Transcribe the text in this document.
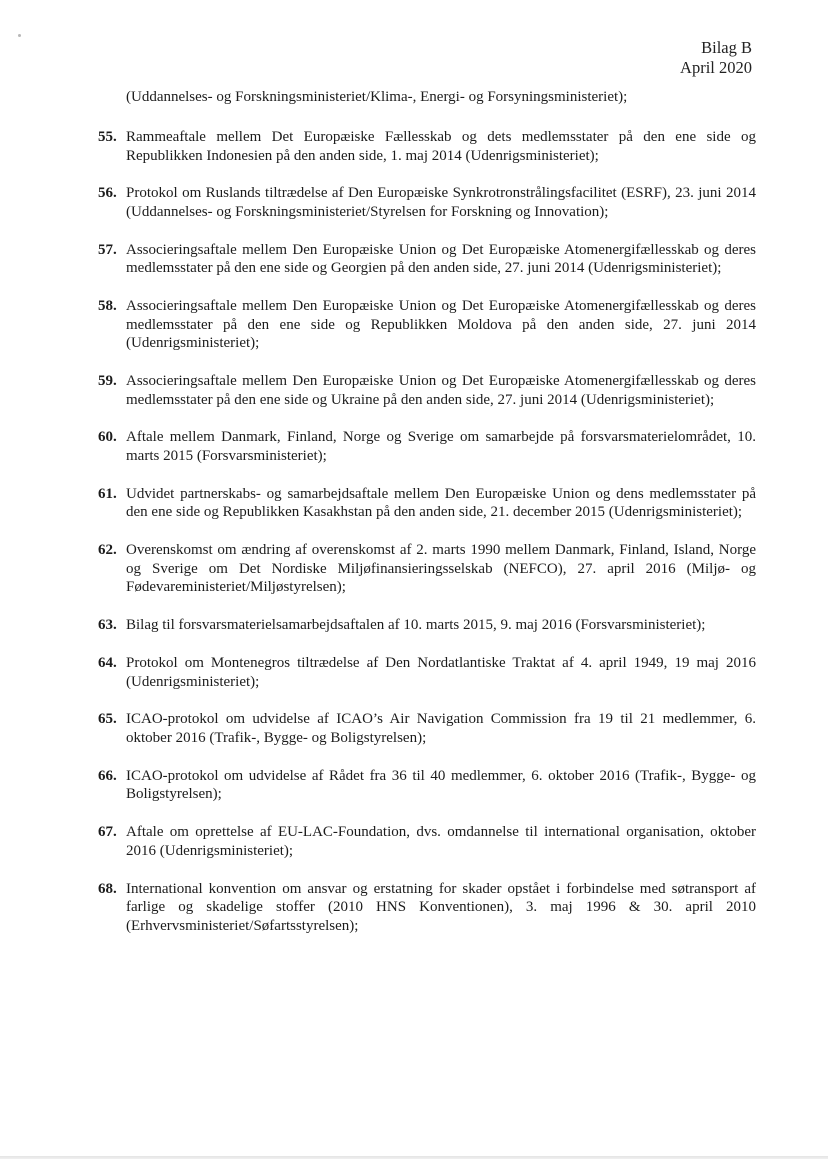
Bilag B
April 2020
(Uddannelses- og Forskningsministeriet/Klima-, Energi- og Forsyningsministeriet);
55. Rammeaftale mellem Det Europæiske Fællesskab og dets medlemsstater på den ene side og Republikken Indonesien på den anden side, 1. maj 2014 (Udenrigsministeriet);
56. Protokol om Ruslands tiltrædelse af Den Europæiske Synkrotronstrålingsfacilitet (ESRF), 23. juni 2014 (Uddannelses- og Forskningsministeriet/Styrelsen for Forskning og Innovation);
57. Associeringsaftale mellem Den Europæiske Union og Det Europæiske Atomenergifællesskab og deres medlemsstater på den ene side og Georgien på den anden side, 27. juni 2014 (Udenrigsministeriet);
58. Associeringsaftale mellem Den Europæiske Union og Det Europæiske Atomenergifællesskab og deres medlemsstater på den ene side og Republikken Moldova på den anden side, 27. juni 2014 (Udenrigsministeriet);
59. Associeringsaftale mellem Den Europæiske Union og Det Europæiske Atomenergifællesskab og deres medlemsstater på den ene side og Ukraine på den anden side, 27. juni 2014 (Udenrigsministeriet);
60. Aftale mellem Danmark, Finland, Norge og Sverige om samarbejde på forsvarsmaterielområdet, 10. marts 2015 (Forsvarsministeriet);
61. Udvidet partnerskabs- og samarbejdsaftale mellem Den Europæiske Union og dens medlemsstater på den ene side og Republikken Kasakhstan på den anden side, 21. december 2015 (Udenrigsministeriet);
62. Overenskomst om ændring af overenskomst af 2. marts 1990 mellem Danmark, Finland, Island, Norge og Sverige om Det Nordiske Miljøfinansieringsselskab (NEFCO), 27. april 2016 (Miljø- og Fødevareministeriet/Miljøstyrelsen);
63. Bilag til forsvarsmaterielsamarbejdsaftalen af 10. marts 2015, 9. maj 2016 (Forsvarsministeriet);
64. Protokol om Montenegros tiltrædelse af Den Nordatlantiske Traktat af 4. april 1949, 19 maj 2016 (Udenrigsministeriet);
65. ICAO-protokol om udvidelse af ICAO’s Air Navigation Commission fra 19 til 21 medlemmer, 6. oktober 2016 (Trafik-, Bygge- og Boligstyrelsen);
66. ICAO-protokol om udvidelse af Rådet fra 36 til 40 medlemmer, 6. oktober 2016 (Trafik-, Bygge- og Boligstyrelsen);
67. Aftale om oprettelse af EU-LAC-Foundation, dvs. omdannelse til international organisation, oktober 2016 (Udenrigsministeriet);
68. International konvention om ansvar og erstatning for skader opstået i forbindelse med søtransport af farlige og skadelige stoffer (2010 HNS Konventionen), 3. maj 1996 & 30. april 2010 (Erhvervsministeriet/Søfartsstyrelsen);
